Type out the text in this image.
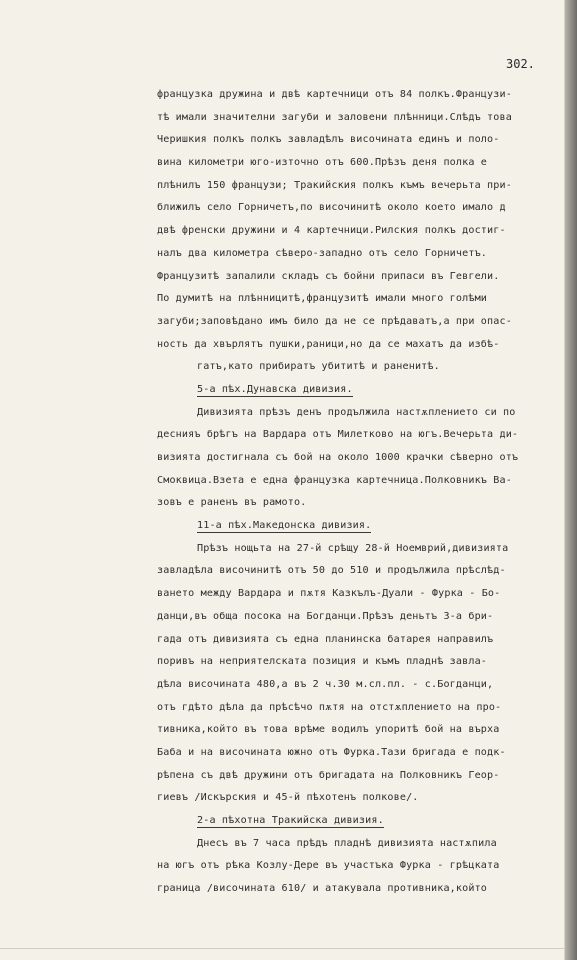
302.
французка дружина и двѣ картечници отъ 84 полкъ.Французи-
тѣ имали значителни загуби и заловени плѣнници.Слѣдъ това
Черишкия полкъ полкъ завладѣлъ височината единъ и поло-
вина километри юго-източно отъ 600.Прѣзъ деня полка е
плѣнилъ 150 французи; Тракийския полкъ къмъ вечерьта при-
ближилъ село Горничетъ,по височинитѣ около което имало д
двѣ френски дружини и 4 картечници.Рилския полкъ достиг-
налъ два километра сѣверо-западно отъ село Горничетъ.
Французитѣ запалили складъ съ бойни припаси въ Гевгели.
По думитѣ на плѣнницитѣ,французитѣ имали много голѣми
загуби;заповѣдано имъ било да не се прѣдаватъ,а при опас-
ность да хвърлятъ пушки,раници,но да се махатъ да избѣ-
гатъ,като прибиратъ убититѣ и раненитѣ.
5-а пѣх.Дунавска дивизия.
Дивизията прѣзъ денъ продължила настѫплението си по
деснияъ брѣгъ на Вардара отъ Милетково на югъ.Вечерьта ди-
визията достигнала съ бой на около 1000 крачки сѣверно отъ
Смоквица.Взета е една французка картечница.Полковникъ Ва-
зовъ е раненъ въ рамото.
11-а пѣх.Македонска дивизия.
Прѣзъ нощьта на 27-й срѣщу 28-й Ноемврий,дивизията
завладѣла височинитѣ отъ 50 до 510 и продължила прѣслѣд-
ването между Вардара и пѫтя Казкълъ-Дуали - Фурка - Бо-
данци,въ обща посока на Богданци.Прѣзъ деньтъ 3-а бри-
гада отъ дивизията съ една планинска батарея направилъ
поривъ на неприятелската позиция и къмъ пладнѣ завла-
дѣла височината 480,а въ 2 ч.30 м.сл.пл. - с.Богданци,
отъ гдѣто дѣла да прѣсѣчо пѫтя на отстѫплението на про-
тивника,който въ това врѣме водилъ упоритѣ бой на върха
Баба и на височината южно отъ Фурка.Тази бригада е подк-
рѣпена съ двѣ дружини отъ бригадата на Полковникъ Геор-
гиевъ /Искърския и 45-й пѣхотенъ полкове/.
2-а пѣхотна Тракийска дивизия.
Днесъ въ 7 часа прѣдъ пладнѣ дивизията настѫпила
на югъ отъ рѣка Козлу-Дере въ участъка Фурка - грѣцката
граница /височината 610/ и атакувала противника,който
